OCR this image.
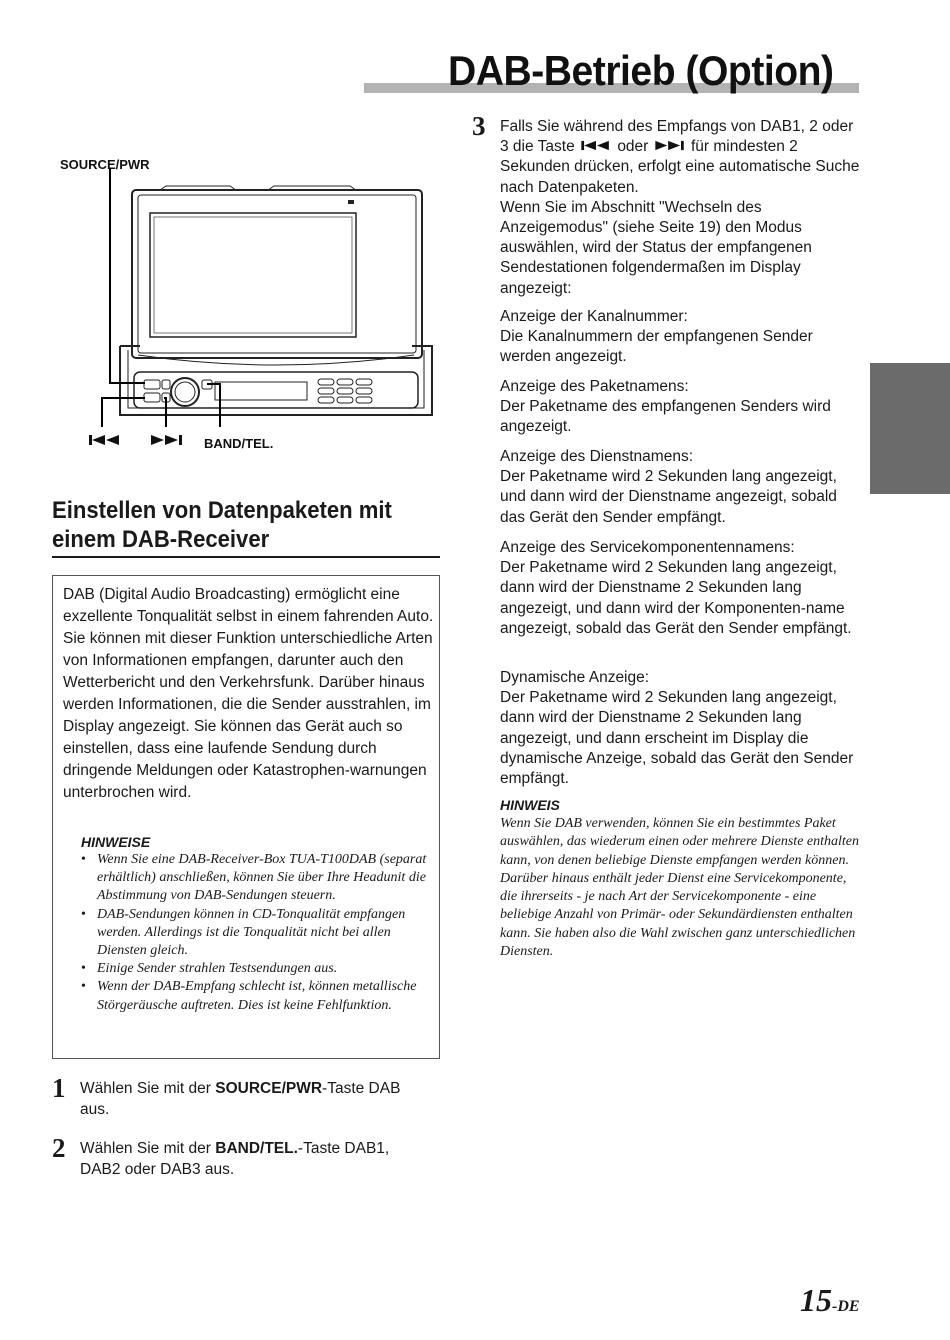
DAB-Betrieb (Option)
SOURCE/PWR
BAND/TEL.
Einstellen von Datenpaketen mit
einem DAB-Receiver

DAB (Digital Audio Broadcasting) ermöglicht eine exzellente Tonqualität selbst in einem fahrenden Auto. Sie können mit dieser Funktion unterschiedliche Arten von Informationen empfangen, darunter auch den Wetterbericht und den Verkehrsfunk. Darüber hinaus werden Informationen, die die Sender ausstrahlen, im Display angezeigt. Sie können das Gerät auch so einstellen, dass eine laufende Sendung durch dringende Meldungen oder Katastrophen-warnungen unterbrochen wird.

HINWEISE

• Wenn Sie eine DAB-Receiver-Box TUA-T100DAB (separat erhältlich) anschließen, können Sie über Ihre Headunit die Abstimmung von DAB-Sendungen steuern.
• DAB-Sendungen können in CD-Tonqualität empfangen werden. Allerdings ist die Tonqualität nicht bei allen Diensten gleich.
• Einige Sender strahlen Testsendungen aus.
• Wenn der DAB-Empfang schlecht ist, können metallische Störgeräusche auftreten. Dies ist keine Fehlfunktion.
1 Wählen Sie mit der SOURCE/PWR-Taste DAB aus.

2 Wählen Sie mit der BAND/TEL.-Taste DAB1, DAB2 oder DAB3 aus.

3 Falls Sie während des Empfangs von DAB1, 2 oder 3 die Taste	oder	für mindesten 2 Sekunden drücken, erfolgt eine automatische Suche nach Datenpaketen.
Wenn Sie im Abschnitt "Wechseln des Anzeigemodus" (siehe Seite 19) den Modus auswählen, wird der Status der empfangenen Sendestationen folgendermaßen im Display angezeigt:

Anzeige der Kanalnummer:
Die Kanalnummern der empfangenen Sender werden angezeigt.

Anzeige des Paketnamens:
Der Paketname des empfangenen Senders wird angezeigt.

Anzeige des Dienstnamens:
Der Paketname wird 2 Sekunden lang angezeigt, und dann wird der Dienstname angezeigt, sobald das Gerät den Sender empfängt.

Anzeige des Servicekomponentennamens:
Der Paketname wird 2 Sekunden lang angezeigt, dann wird der Dienstname 2 Sekunden lang angezeigt, und dann wird der Komponenten-name angezeigt, sobald das Gerät den Sender empfängt.

Dynamische Anzeige:
Der Paketname wird 2 Sekunden lang angezeigt, dann wird der Dienstname 2 Sekunden lang angezeigt, und dann erscheint im Display die dynamische Anzeige, sobald das Gerät den Sender empfängt.

HINWEIS

Wenn Sie DAB verwenden, können Sie ein bestimmtes Paket auswählen, das wiederum einen oder mehrere Dienste enthalten kann, von denen beliebige Dienste empfangen werden können. Darüber hinaus enthält jeder Dienst eine Servicekomponente, die ihrerseits - je nach Art der Servicekomponente - eine beliebige Anzahl von Primär- oder Sekundärdiensten enthalten kann. Sie haben also die Wahl zwischen ganz unterschiedlichen Diensten.

15-DE
